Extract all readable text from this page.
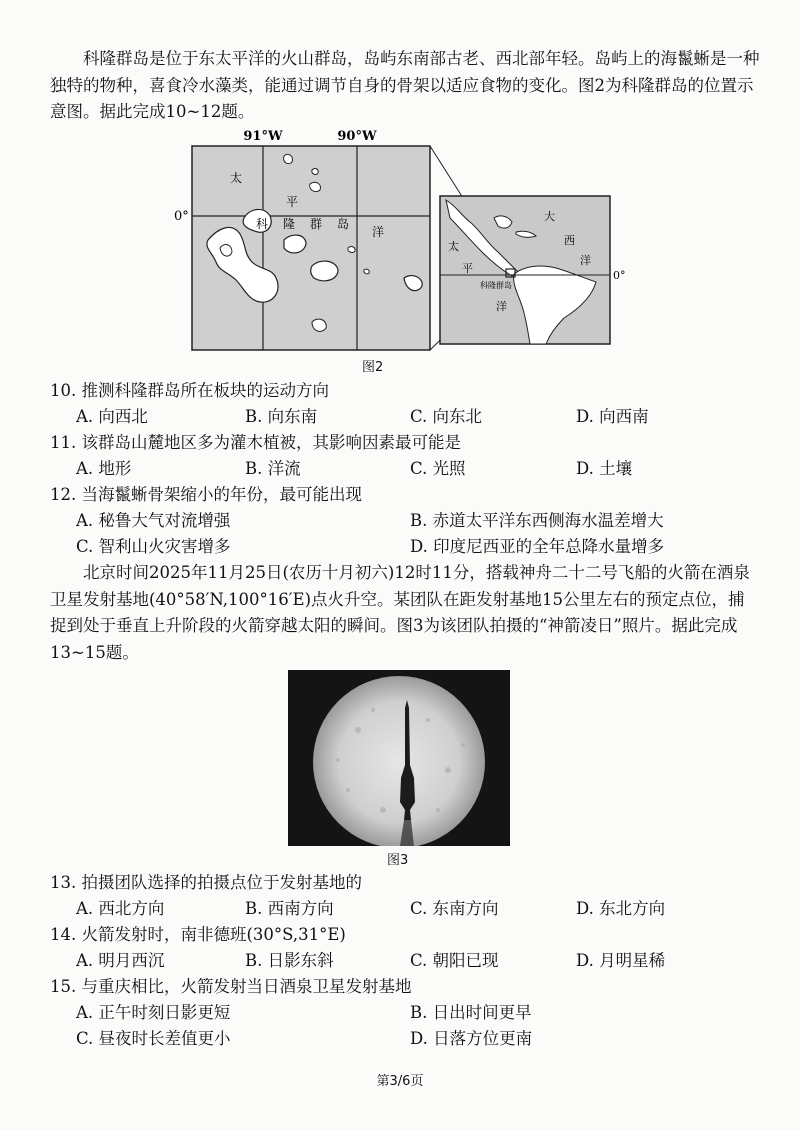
科隆群岛是位于东太平洋的火山群岛，岛屿东南部古老、西北部年轻。岛屿上的海鬣蜥是一种独特的物种，喜食冷水藻类，能通过调节自身的骨架以适应食物的变化。图2为科隆群岛的位置示意图。据此完成10~12题。

91°W	90°W
0°
太
平
科 隆 群 岛
洋
大
西
洋
太
平
科隆群岛
洋
0°
图2

10. 推测科隆群岛所在板块的运动方向

A. 向西北	B. 向东南	C. 向东北	D. 向西南

11. 该群岛山麓地区多为灌木植被，其影响因素最可能是

A. 地形	B. 洋流	C. 光照	D. 土壤

12. 当海鬣蜥骨架缩小的年份，最可能出现

A. 秘鲁大气对流增强	B. 赤道太平洋东西侧海水温差增大

C. 智利山火灾害增多	D. 印度尼西亚的全年总降水量增多

北京时间2025年11月25日(农历十月初六)12时11分，搭载神舟二十二号飞船的火箭在酒泉卫星发射基地(40°58′N,100°16′E)点火升空。某团队在距发射基地15公里左右的预定点位，捕捉到处于垂直上升阶段的火箭穿越太阳的瞬间。图3为该团队拍摄的“神箭凌日”照片。据此完成13~15题。

图3

13. 拍摄团队选择的拍摄点位于发射基地的

A. 西北方向	B. 西南方向	C. 东南方向	D. 东北方向

14. 火箭发射时，南非德班(30°S,31°E)

A. 明月西沉	B. 日影东斜	C. 朝阳已现	D. 月明星稀

15. 与重庆相比，火箭发射当日酒泉卫星发射基地

A. 正午时刻日影更短	B. 日出时间更早

C. 昼夜时长差值更小	D. 日落方位更南

第3/6页
